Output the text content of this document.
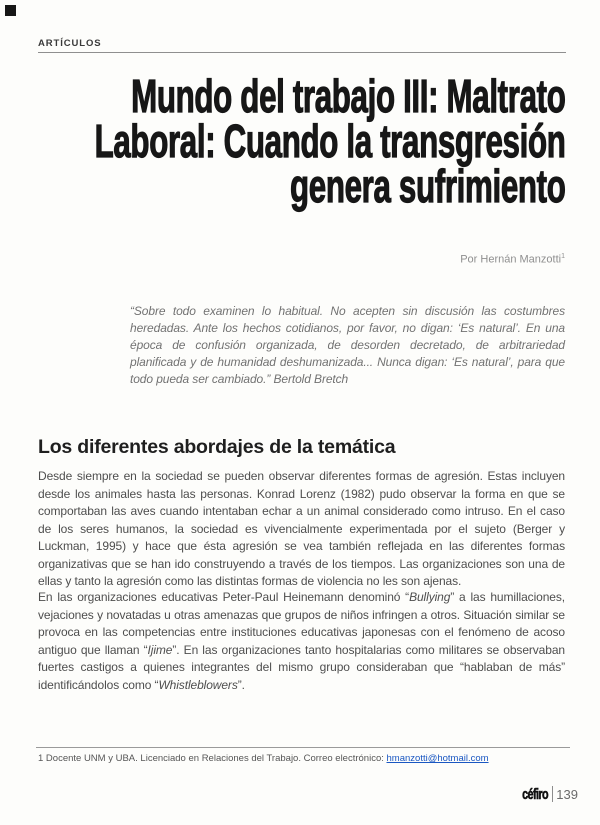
ARTÍCULOS
Mundo del trabajo III: Maltrato
Laboral: Cuando la transgresión
genera sufrimiento
Por Hernán Manzotti$^1$

“Sobre todo examinen lo habitual. No acepten sin discusión las costumbres heredadas. Ante los hechos cotidianos, por favor, no digan: ‘Es natural’. En una época de confusión organizada, de desorden decretado, de arbitrariedad planificada y de humanidad deshumanizada... Nunca digan: ‘Es natural’, para que todo pueda ser cambiado.” Bertold Bretch

Los diferentes abordajes de la temática

Desde siempre en la sociedad se pueden observar diferentes formas de agresión. Estas incluyen desde los animales hasta las personas. Konrad Lorenz (1982) pudo observar la forma en que se comportaban las aves cuando intentaban echar a un animal considerado como intruso. En el caso de los seres humanos, la sociedad es vivencialmente experimentada por el sujeto (Berger y Luckman, 1995) y hace que ésta agresión se vea también reflejada en las diferentes formas organizativas que se han ido construyendo a través de los tiempos. Las organizaciones son una de ellas y tanto la agresión como las distintas formas de violencia no les son ajenas.

En las organizaciones educativas Peter-Paul Heinemann denominó “Bullying” a las humillaciones, vejaciones y novatadas u otras amenazas que grupos de niños infringen a otros. Situación similar se provoca en las competencias entre instituciones educativas japonesas con el fenómeno de acoso antiguo que llaman “Ijime”. En las organizaciones tanto hospitalarias como militares se observaban fuertes castigos a quienes integrantes del mismo grupo consideraban que “hablaban de más” identificándolos como “Whistleblowers”.

1 Docente UNM y UBA. Licenciado en Relaciones del Trabajo. Correo electrónico: hmanzotti@hotmail.com
céfiro 139
